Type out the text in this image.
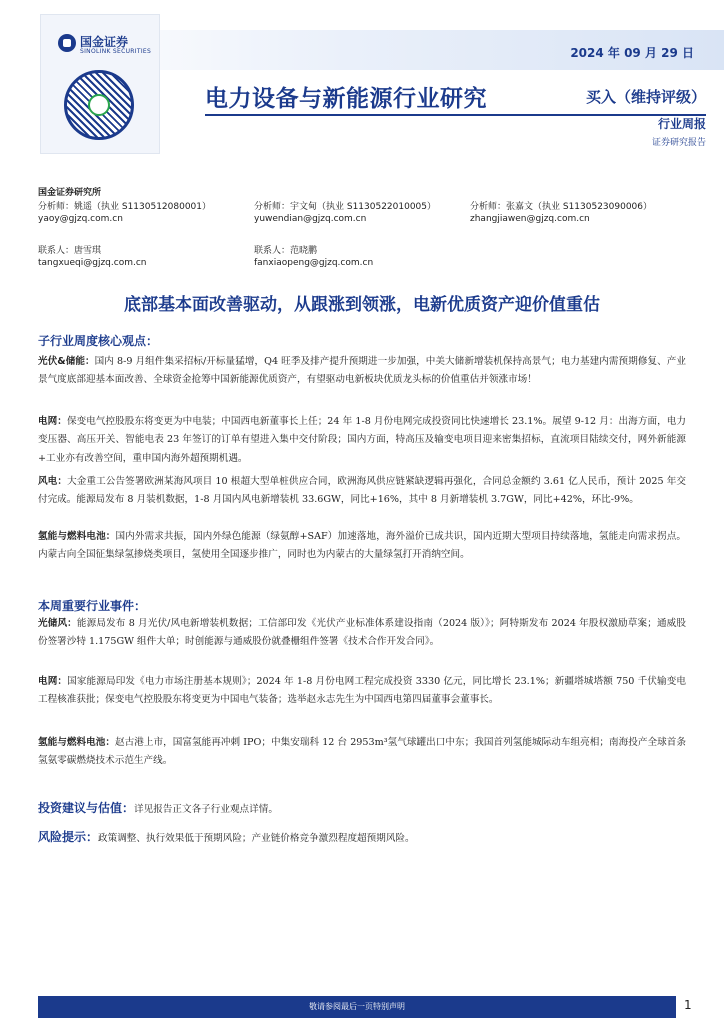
国金证券
SINOLINK SECURITIES	2024 年 09 月 29 日
电力设备与新能源行业研究	买入（维持评级）
行业周报
证券研究报告
国金证券研究所
分析师：姚遥（执业 S1130512080001）
yaoy@gjzq.com.cn
分析师：宇文甸（执业 S1130522010005）
yuwendian@gjzq.com.cn
分析师：张嘉文（执业 S1130523090006）
zhangjiawen@gjzq.com.cn
联系人：唐雪琪
tangxueqi@gjzq.com.cn
联系人：范晓鹏
fanxiaopeng@gjzq.com.cn
底部基本面改善驱动，从跟涨到领涨，电新优质资产迎价值重估
子行业周度核心观点：

光伏&储能：国内 8-9 月组件集采招标/开标量猛增，Q4 旺季及排产提升预期进一步加强，中美大储新增装机保持高景气；电力基建内需预期修复、产业景气度底部迎基本面改善、全球资金抢筹中国新能源优质资产，有望驱动电新板块优质龙头标的价值重估并领涨市场！

电网：保变电气控股股东将变更为中电装；中国西电新董事长上任；24 年 1-8 月份电网完成投资同比快速增长 23.1%。展望 9-12 月：出海方面，电力变压器、高压开关、智能电表 23 年签订的订单有望进入集中交付阶段；国内方面，特高压及输变电项目迎来密集招标，直流项目陆续交付，网外新能源+工业亦有改善空间，重申国内海外超预期机遇。

风电：大金重工公告签署欧洲某海风项目 10 根超大型单桩供应合同，欧洲海风供应链紧缺逻辑再强化，合同总金额约 3.61 亿人民币，预计 2025 年交付完成。能源局发布 8 月装机数据，1-8 月国内风电新增装机 33.6GW，同比+16%，其中 8 月新增装机 3.7GW，同比+42%，环比-9%。

氢能与燃料电池：国内外需求共振，国内外绿色能源（绿氨醇+SAF）加速落地，海外溢价已成共识，国内近期大型项目持续落地，氢能走向需求拐点。内蒙古向全国征集绿氢掺烧类项目，氢使用全国逐步推广，同时也为内蒙古的大量绿氢打开消纳空间。

本周重要行业事件：

光储风：能源局发布 8 月光伏/风电新增装机数据；工信部印发《光伏产业标准体系建设指南（2024 版）》；阿特斯发布 2024 年股权激励草案；通威股份签署沙特 1.175GW 组件大单；时创能源与通威股份就叠栅组件签署《技术合作开发合同》。

电网：国家能源局印发《电力市场注册基本规则》；2024 年 1-8 月份电网工程完成投资 3330 亿元，同比增长 23.1%；新疆塔城塔额 750 千伏输变电工程核准获批；保变电气控股股东将变更为中国电气装备；选举赵永志先生为中国西电第四届董事会董事长。

氢能与燃料电池：赵古港上市，国富氢能再冲刺 IPO；中集安瑞科 12 台 2953m³氢气球罐出口中东；我国首列氢能城际动车组亮相；南海投产全球首条氢氨零碳燃烧技术示范生产线。

投资建议与估值：详见报告正文各子行业观点详情。

风险提示：政策调整、执行效果低于预期风险；产业链价格竞争激烈程度超预期风险。

敬请参阅最后一页特别声明	1
